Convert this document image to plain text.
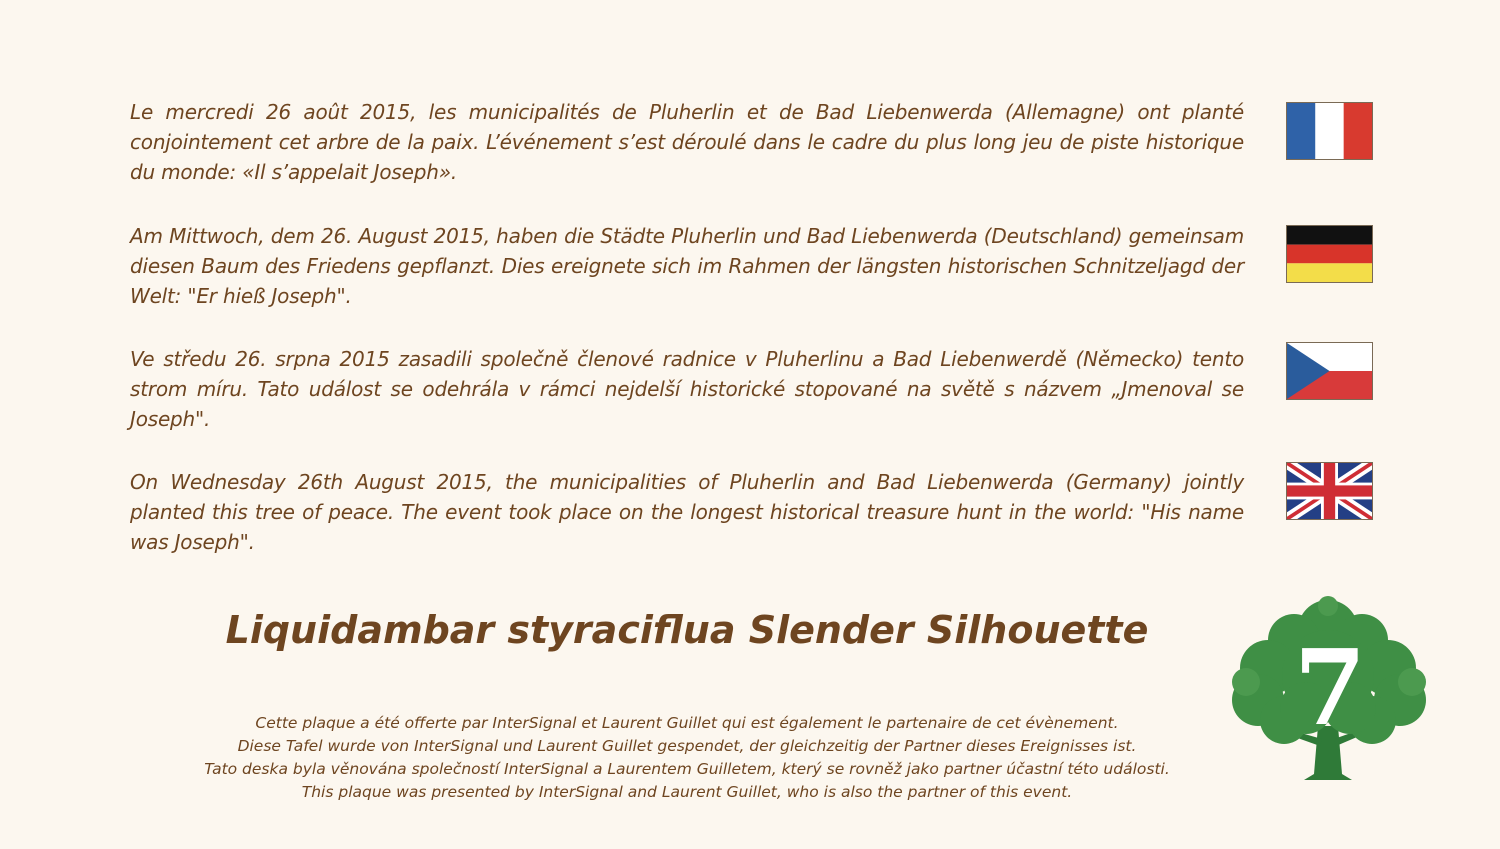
Le mercredi 26 août 2015, les municipalités de Pluherlin et de Bad Liebenwerda (Allemagne) ont planté conjointement cet arbre de la paix. L’événement s’est déroulé dans le cadre du plus long jeu de piste historique du monde: «Il s’appelait Joseph».

Am Mittwoch, dem 26. August 2015, haben die Städte Pluherlin und Bad Liebenwerda (Deutschland) gemeinsam diesen Baum des Friedens gepflanzt. Dies ereignete sich im Rahmen der längsten historischen Schnitzeljagd der Welt: "Er hieß Joseph".

Ve středu 26. srpna 2015 zasadili společně členové radnice v Pluherlinu a Bad Liebenwerdě (Německo) tento strom míru. Tato událost se odehrála v rámci nejdelší historické stopované na světě s názvem „Jmenoval se Joseph".

On Wednesday 26th August 2015, the municipalities of Pluherlin and Bad Liebenwerda (Germany) jointly planted this tree of peace. The event took place on the longest historical treasure hunt in the world: "His name was Joseph".

Liquidambar styraciflua Slender Silhouette
Cette plaque a été offerte par InterSignal et Laurent Guillet qui est également le partenaire de cet évènement.
Diese Tafel wurde von InterSignal und Laurent Guillet gespendet, der gleichzeitig der Partner dieses Ereignisses ist.
Tato deska byla věnována společností InterSignal a Laurentem Guilletem, který se rovněž jako partner účastní této události.
This plaque was presented by InterSignal and Laurent Guillet, who is also the partner of this event.
7
